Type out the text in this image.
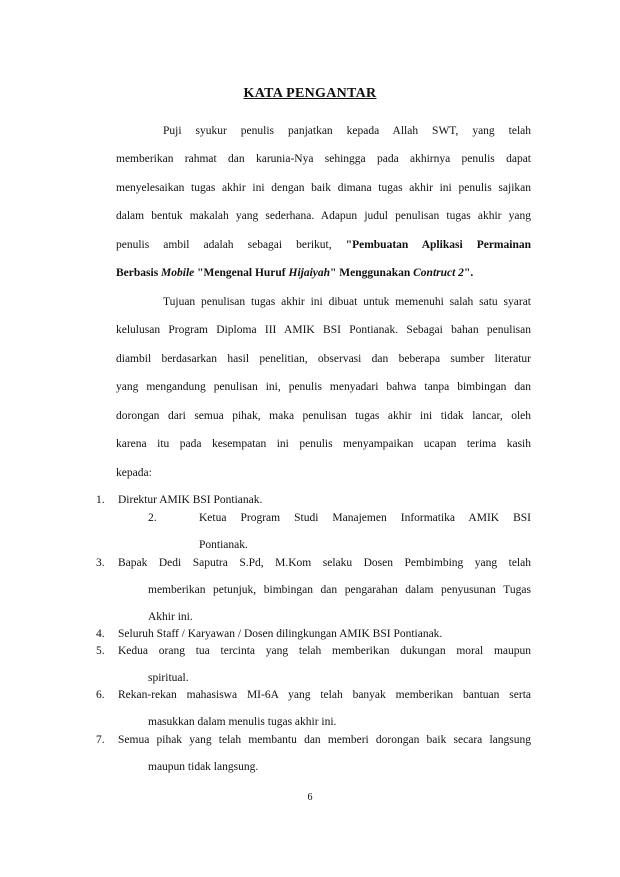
KATA PENGANTAR
Puji syukur penulis panjatkan kepada Allah SWT, yang telah
memberikan rahmat dan karunia-Nya sehingga pada akhirnya penulis dapat
menyelesaikan tugas akhir ini dengan baik dimana tugas akhir ini penulis sajikan
dalam bentuk makalah yang sederhana. Adapun judul penulisan tugas akhir yang
penulis ambil adalah sebagai berikut, "Pembuatan Aplikasi Permainan
Berbasis Mobile "Mengenal Huruf Hijaiyah" Menggunakan Contruct 2".
Tujuan penulisan tugas akhir ini dibuat untuk memenuhi salah satu syarat
kelulusan Program Diploma III AMIK BSI Pontianak. Sebagai bahan penulisan
diambil berdasarkan hasil penelitian, observasi dan beberapa sumber literatur
yang mengandung penulisan ini, penulis menyadari bahwa tanpa bimbingan dan
dorongan dari semua pihak, maka penulisan tugas akhir ini tidak lancar, oleh
karena itu pada kesempatan ini penulis menyampaikan ucapan terima kasih
kepada:
1. Direktur AMIK BSI Pontianak.
2.	Ketua Program Studi Manajemen Informatika AMIK BSI
Pontianak.
3. Bapak Dedi Saputra S.Pd, M.Kom selaku Dosen Pembimbing yang telah
memberikan petunjuk, bimbingan dan pengarahan dalam penyusunan Tugas
Akhir ini.
4. Seluruh Staff / Karyawan / Dosen dilingkungan AMIK BSI Pontianak.
5. Kedua orang tua tercinta yang telah memberikan dukungan moral maupun
spiritual.
6. Rekan-rekan mahasiswa MI-6A yang telah banyak memberikan bantuan serta
masukkan dalam menulis tugas akhir ini.
7. Semua pihak yang telah membantu dan memberi dorongan baik secara langsung
maupun tidak langsung.
6
